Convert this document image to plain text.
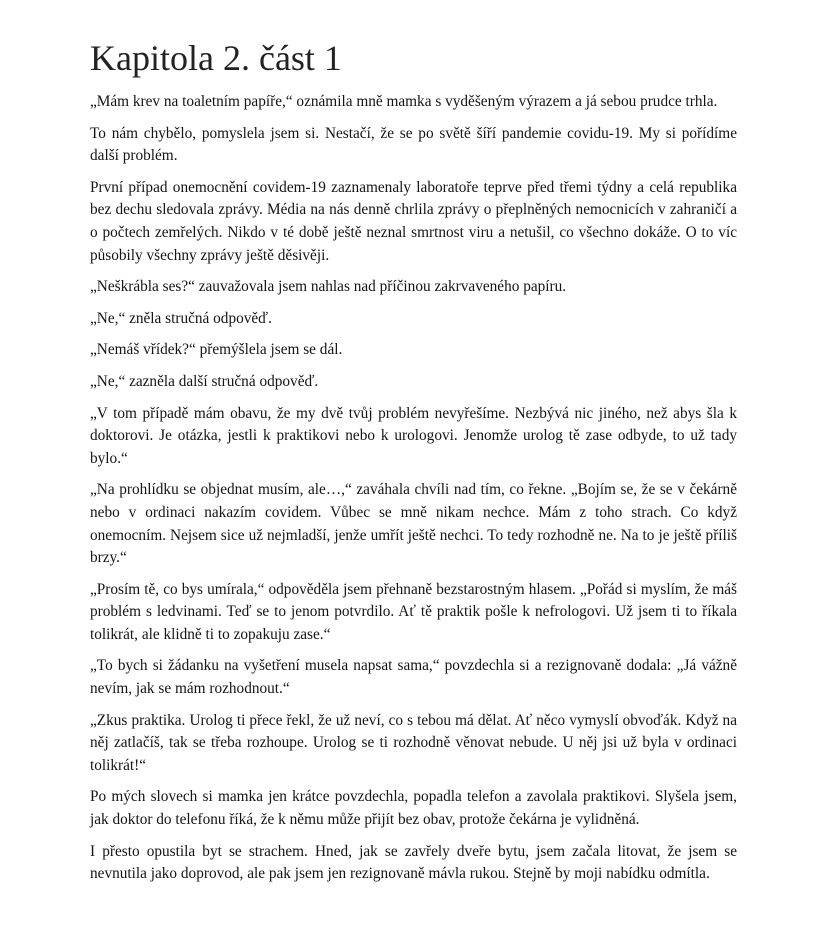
Kapitola 2. část 1

„Mám krev na toaletním papíře,“ oznámila mně mamka s vyděšeným výrazem a já sebou prudce trhla.

To nám chybělo, pomyslela jsem si. Nestačí, že se po světě šíří pandemie covidu-19. My si pořídíme další problém.

První případ onemocnění covidem-19 zaznamenaly laboratoře teprve před třemi týdny a celá republika bez dechu sledovala zprávy. Média na nás denně chrlila zprávy o přeplněných nemocnicích v zahraničí a o počtech zemřelých. Nikdo v té době ještě neznal smrtnost viru a netušil, co všechno dokáže. O to víc působily všechny zprávy ještě děsivěji.

„Neškrábla ses?“ zauvažovala jsem nahlas nad příčinou zakrvaveného papíru.

„Ne,“ zněla stručná odpověď.

„Nemáš vřídek?“ přemýšlela jsem se dál.

„Ne,“ zazněla další stručná odpověď.

„V tom případě mám obavu, že my dvě tvůj problém nevyřešíme. Nezbývá nic jiného, než abys šla k doktorovi. Je otázka, jestli k praktikovi nebo k urologovi. Jenomže urolog tě zase odbyde, to už tady bylo.“

„Na prohlídku se objednat musím, ale…,“ zaváhala chvíli nad tím, co řekne. „Bojím se, že se v čekárně nebo v ordinaci nakazím covidem. Vůbec se mně nikam nechce. Mám z toho strach. Co když onemocním. Nejsem sice už nejmladší, jenže umřít ještě nechci. To tedy rozhodně ne. Na to je ještě příliš brzy.“

„Prosím tě, co bys umírala,“ odpověděla jsem přehnaně bezstarostným hlasem. „Pořád si myslím, že máš problém s ledvinami. Teď se to jenom potvrdilo. Ať tě praktik pošle k nefrologovi. Už jsem ti to říkala tolikrát, ale klidně ti to zopakuju zase.“

„To bych si žádanku na vyšetření musela napsat sama,“ povzdechla si a rezignovaně dodala: „Já vážně nevím, jak se mám rozhodnout.“

„Zkus praktika. Urolog ti přece řekl, že už neví, co s tebou má dělat. Ať něco vymyslí obvoďák. Když na něj zatlačíš, tak se třeba rozhoupe. Urolog se ti rozhodně věnovat nebude. U něj jsi už byla v ordinaci tolikrát!“

Po mých slovech si mamka jen krátce povzdechla, popadla telefon a zavolala praktikovi. Slyšela jsem, jak doktor do telefonu říká, že k němu může přijít bez obav, protože čekárna je vylidněná.

I přesto opustila byt se strachem. Hned, jak se zavřely dveře bytu, jsem začala litovat, že jsem se nevnutila jako doprovod, ale pak jsem jen rezignovaně mávla rukou. Stejně by moji nabídku odmítla.
